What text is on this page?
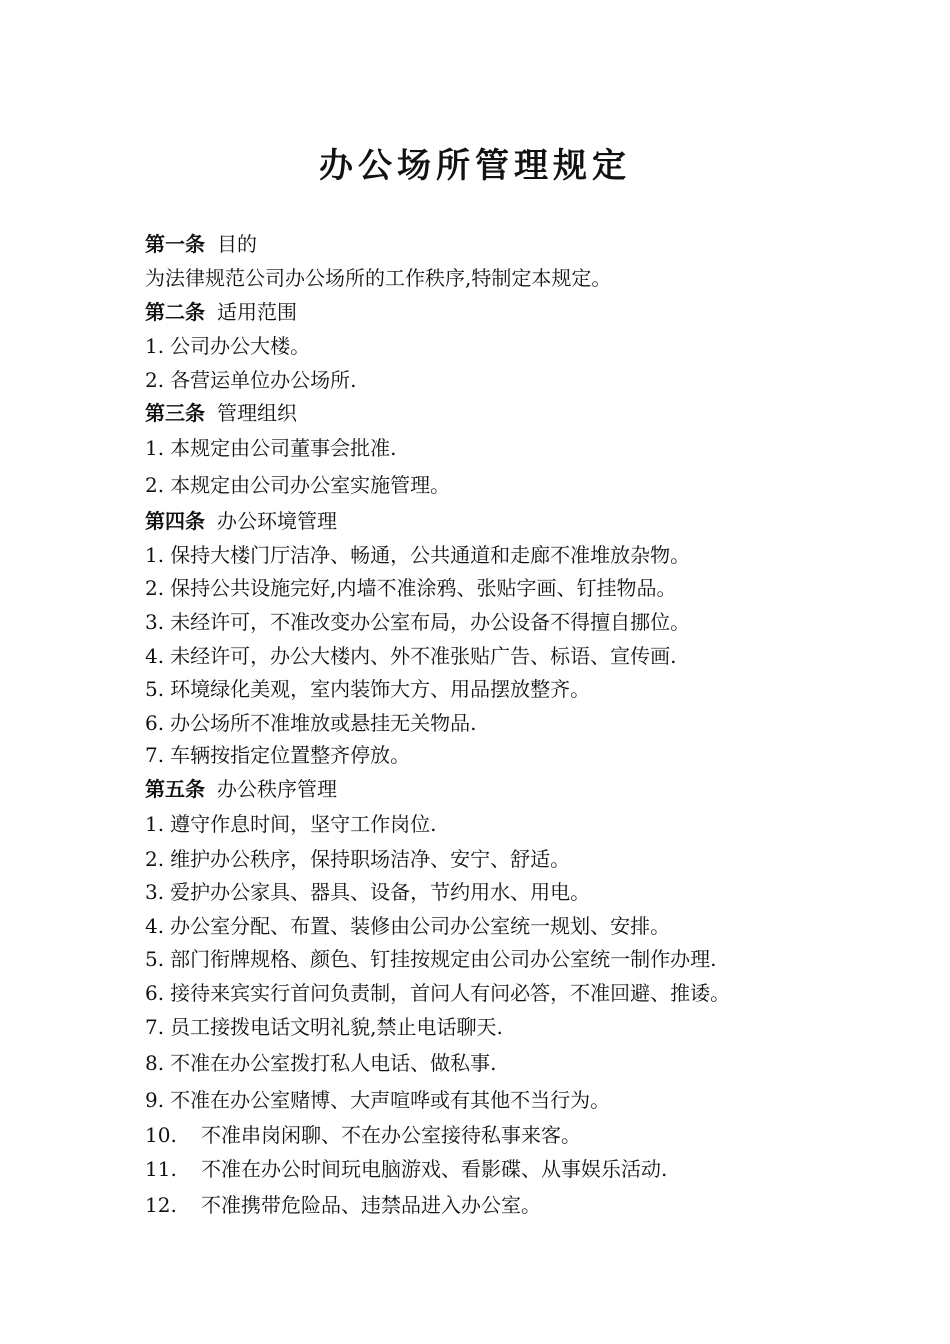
办公场所管理规定
第一条 目的
为法律规范公司办公场所的工作秩序,特制定本规定。
第二条 适用范围
1. 公司办公大楼。
2. 各营运单位办公场所.
第三条 管理组织
1. 本规定由公司董事会批准.
2. 本规定由公司办公室实施管理。
第四条 办公环境管理
1. 保持大楼门厅洁净、畅通，公共通道和走廊不准堆放杂物。
2. 保持公共设施完好,内墙不准涂鸦、张贴字画、钉挂物品。
3. 未经许可，不准改变办公室布局，办公设备不得擅自挪位。
4. 未经许可，办公大楼内、外不准张贴广告、标语、宣传画.
5. 环境绿化美观，室内装饰大方、用品摆放整齐。
6. 办公场所不准堆放或悬挂无关物品.
7. 车辆按指定位置整齐停放。
第五条 办公秩序管理
1. 遵守作息时间，坚守工作岗位.
2. 维护办公秩序，保持职场洁净、安宁、舒适。
3. 爱护办公家具、器具、设备，节约用水、用电。
4. 办公室分配、布置、装修由公司办公室统一规划、安排。
5. 部门衔牌规格、颜色、钉挂按规定由公司办公室统一制作办理.
6. 接待来宾实行首问负责制，首问人有问必答，不准回避、推诿。
7. 员工接拨电话文明礼貌,禁止电话聊天.
8. 不准在办公室拨打私人电话、做私事.
9. 不准在办公室赌博、大声喧哗或有其他不当行为。
10. 不准串岗闲聊、不在办公室接待私事来客。
11. 不准在办公时间玩电脑游戏、看影碟、从事娱乐活动.
12. 不准携带危险品、违禁品进入办公室。
